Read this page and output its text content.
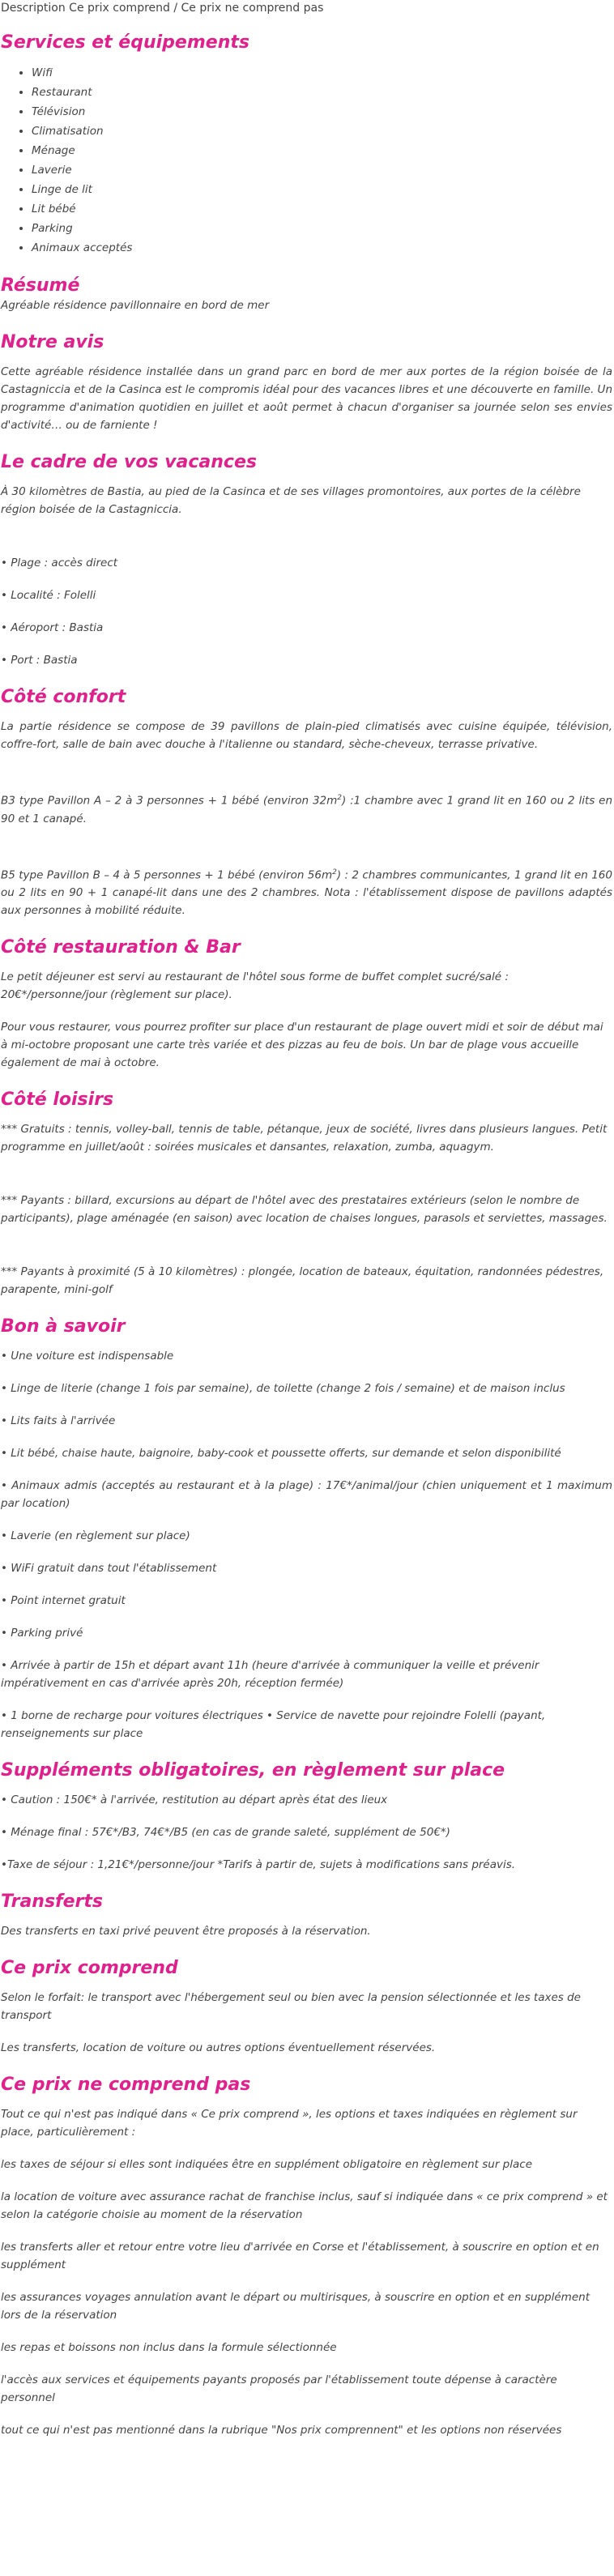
Description Ce prix comprend / Ce prix ne comprend pas
Services et équipements
• Wifi
• Restaurant
• Télévision
• Climatisation
• Ménage
• Laverie
• Linge de lit
• Lit bébé
• Parking
• Animaux acceptés
Résumé

Agréable résidence pavillonnaire en bord de mer

Notre avis

Cette agréable résidence installée dans un grand parc en bord de mer aux portes de la région boisée de la Castagniccia et de la Casinca est le compromis idéal pour des vacances libres et une découverte en famille. Un programme d'animation quotidien en juillet et août permet à chacun d'organiser sa journée selon ses envies d'activité… ou de farniente !

Le cadre de vos vacances

À 30 kilomètres de Bastia, au pied de la Casinca et de ses villages promontoires, aux portes de la célèbre région boisée de la Castagniccia.

• Plage : accès direct

• Localité : Folelli

• Aéroport : Bastia

• Port : Bastia

Côté confort

La partie résidence se compose de 39 pavillons de plain-pied climatisés avec cuisine équipée, télévision, coffre-fort, salle de bain avec douche à l'italienne ou standard, sèche-cheveux, terrasse privative.

B3 type Pavillon A – 2 à 3 personnes + 1 bébé (environ $32m^2$) :1 chambre avec 1 grand lit en 160 ou 2 lits en 90 et 1 canapé.

B5 type Pavillon B – 4 à 5 personnes + 1 bébé (environ $56m^2$) : 2 chambres communicantes, 1 grand lit en 160 ou 2 lits en 90 + 1 canapé-lit dans une des 2 chambres. Nota : l'établissement dispose de pavillons adaptés aux personnes à mobilité réduite.

Côté restauration & Bar

Le petit déjeuner est servi au restaurant de l'hôtel sous forme de buffet complet sucré/salé : 20€*/personne/jour (règlement sur place).

Pour vous restaurer, vous pourrez profiter sur place d'un restaurant de plage ouvert midi et soir de début mai à mi-octobre proposant une carte très variée et des pizzas au feu de bois. Un bar de plage vous accueille également de mai à octobre.

Côté loisirs

*** Gratuits : tennis, volley-ball, tennis de table, pétanque, jeux de société, livres dans plusieurs langues. Petit programme en juillet/août : soirées musicales et dansantes, relaxation, zumba, aquagym.

*** Payants : billard, excursions au départ de l'hôtel avec des prestataires extérieurs (selon le nombre de participants), plage aménagée (en saison) avec location de chaises longues, parasols et serviettes, massages.

*** Payants à proximité (5 à 10 kilomètres) : plongée, location de bateaux, équitation, randonnées pédestres, parapente, mini-golf

Bon à savoir

• Une voiture est indispensable

• Linge de literie (change 1 fois par semaine), de toilette (change 2 fois / semaine) et de maison inclus

• Lits faits à l'arrivée

• Lit bébé, chaise haute, baignoire, baby-cook et poussette offerts, sur demande et selon disponibilité

• Animaux admis (acceptés au restaurant et à la plage) : 17€*/animal/jour (chien uniquement et 1 maximum par location)

• Laverie (en règlement sur place)

• WiFi gratuit dans tout l'établissement

• Point internet gratuit

• Parking privé

• Arrivée à partir de 15h et départ avant 11h (heure d'arrivée à communiquer la veille et prévenir impérativement en cas d'arrivée après 20h, réception fermée)

• 1 borne de recharge pour voitures électriques • Service de navette pour rejoindre Folelli (payant, renseignements sur place

Suppléments obligatoires, en règlement sur place

• Caution : 150€* à l'arrivée, restitution au départ après état des lieux

• Ménage final : 57€*/B3, 74€*/B5 (en cas de grande saleté, supplément de 50€*)

•Taxe de séjour : 1,21€*/personne/jour *Tarifs à partir de, sujets à modifications sans préavis.

Transferts

Des transferts en taxi privé peuvent être proposés à la réservation.

Ce prix comprend

Selon le forfait: le transport avec l'hébergement seul ou bien avec la pension sélectionnée et les taxes de transport

Les transferts, location de voiture ou autres options éventuellement réservées.

Ce prix ne comprend pas

Tout ce qui n'est pas indiqué dans « Ce prix comprend », les options et taxes indiquées en règlement sur place, particulièrement :

les taxes de séjour si elles sont indiquées être en supplément obligatoire en règlement sur place

la location de voiture avec assurance rachat de franchise inclus, sauf si indiquée dans « ce prix comprend » et selon la catégorie choisie au moment de la réservation

les transferts aller et retour entre votre lieu d'arrivée en Corse et l'établissement, à souscrire en option et en supplément

les assurances voyages annulation avant le départ ou multirisques, à souscrire en option et en supplément lors de la réservation

les repas et boissons non inclus dans la formule sélectionnée

l'accès aux services et équipements payants proposés par l'établissement toute dépense à caractère personnel

tout ce qui n'est pas mentionné dans la rubrique "Nos prix comprennent" et les options non réservées
